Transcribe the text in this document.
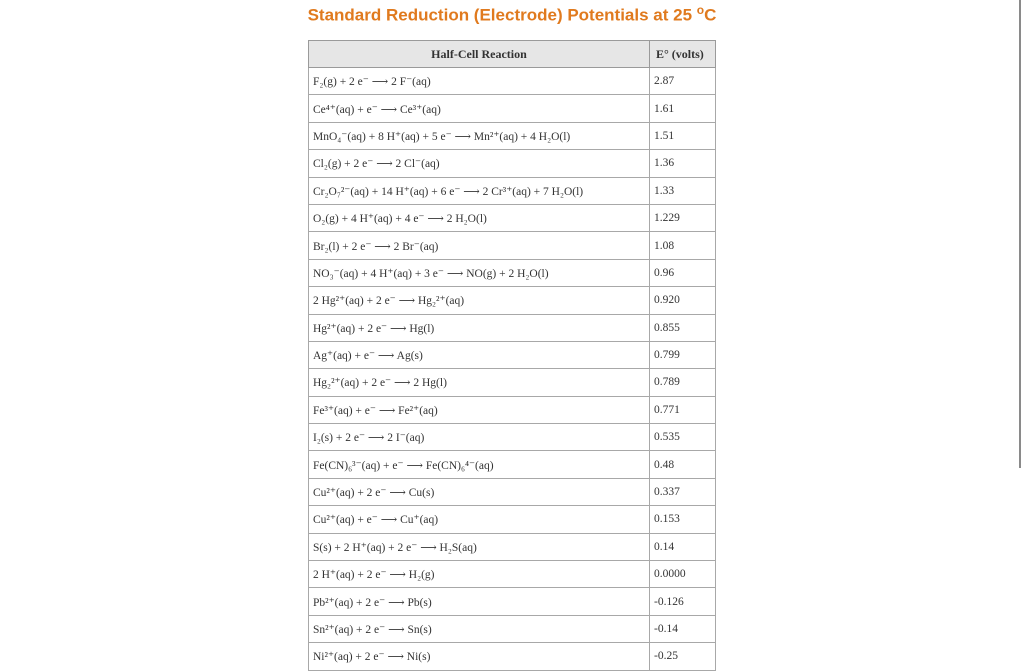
Standard Reduction (Electrode) Potentials at 25 $^o$C
Half-Cell Reaction	E° (volts)
F₂(g) + 2 e⁻ ⟶ 2 F⁻(aq)	2.87
Ce⁴⁺(aq) + e⁻ ⟶ Ce³⁺(aq)	1.61
MnO₄⁻(aq) + 8 H⁺(aq) + 5 e⁻ ⟶ Mn²⁺(aq) + 4 H₂O(l)	1.51
Cl₂(g) + 2 e⁻ ⟶ 2 Cl⁻(aq)	1.36
Cr₂O₇²⁻(aq) + 14 H⁺(aq) + 6 e⁻ ⟶ 2 Cr³⁺(aq) + 7 H₂O(l)	1.33
O₂(g) + 4 H⁺(aq) + 4 e⁻ ⟶ 2 H₂O(l)	1.229
Br₂(l) + 2 e⁻ ⟶ 2 Br⁻(aq)	1.08
NO₃⁻(aq) + 4 H⁺(aq) + 3 e⁻ ⟶ NO(g) + 2 H₂O(l)	0.96
2 Hg²⁺(aq) + 2 e⁻ ⟶ Hg₂²⁺(aq)	0.920
Hg²⁺(aq) + 2 e⁻ ⟶ Hg(l)	0.855
Ag⁺(aq) + e⁻ ⟶ Ag(s)	0.799
Hg₂²⁺(aq) + 2 e⁻ ⟶ 2 Hg(l)	0.789
Fe³⁺(aq) + e⁻ ⟶ Fe²⁺(aq)	0.771
I₂(s) + 2 e⁻ ⟶ 2 I⁻(aq)	0.535
Fe(CN)₆³⁻(aq) + e⁻ ⟶ Fe(CN)₆⁴⁻(aq)	0.48
Cu²⁺(aq) + 2 e⁻ ⟶ Cu(s)	0.337
Cu²⁺(aq) + e⁻ ⟶ Cu⁺(aq)	0.153
S(s) + 2 H⁺(aq) + 2 e⁻ ⟶ H₂S(aq)	0.14
2 H⁺(aq) + 2 e⁻ ⟶ H₂(g)	0.0000
Pb²⁺(aq) + 2 e⁻ ⟶ Pb(s)	-0.126
Sn²⁺(aq) + 2 e⁻ ⟶ Sn(s)	-0.14
Ni²⁺(aq) + 2 e⁻ ⟶ Ni(s)	-0.25
